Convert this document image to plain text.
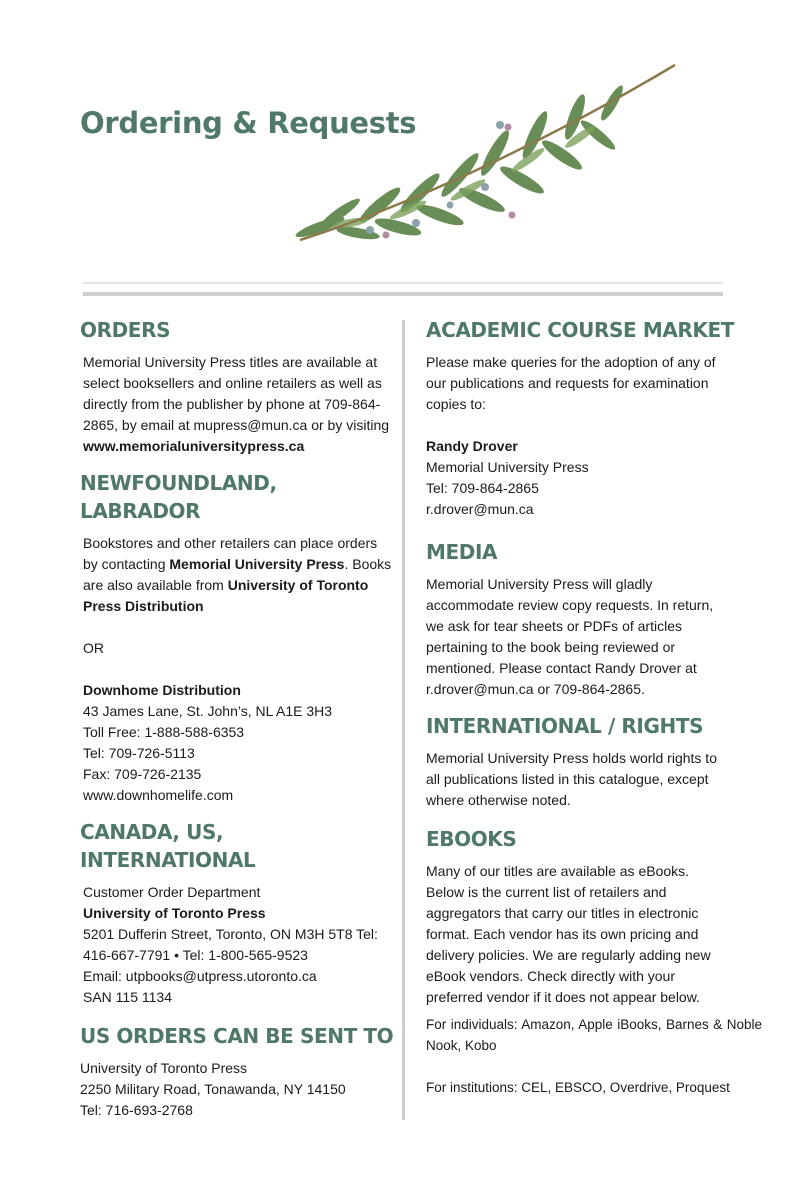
Ordering & Requests
ORDERS
Memorial University Press titles are available at select booksellers and online retailers as well as directly from the publisher by phone at 709-864-2865, by email at mupress@mun.ca or by visiting www.memorialuniversitypress.ca
NEWFOUNDLAND, LABRADOR
Bookstores and other retailers can place orders by contacting Memorial University Press. Books are also available from University of Toronto Press Distribution
OR
Downhome Distribution
43 James Lane, St. John’s, NL A1E 3H3
Toll Free: 1-888-588-6353
Tel: 709-726-5113
Fax: 709-726-2135
www.downhomelife.com
CANADA, US, INTERNATIONAL
Customer Order Department
University of Toronto Press
5201 Dufferin Street, Toronto, ON M3H 5T8 Tel: 416-667-7791 • Tel: 1-800-565-9523
Email: utpbooks@utpress.utoronto.ca
SAN 115 1134
US ORDERS CAN BE SENT TO
University of Toronto Press
2250 Military Road, Tonawanda, NY 14150
Tel: 716-693-2768
ACADEMIC COURSE MARKET
Please make queries for the adoption of any of our publications and requests for examination copies to:
Randy Drover
Memorial University Press
Tel: 709-864-2865
r.drover@mun.ca
MEDIA
Memorial University Press will gladly accommodate review copy requests. In return, we ask for tear sheets or PDFs of articles pertaining to the book being reviewed or mentioned. Please contact Randy Drover at r.drover@mun.ca or 709-864-2865.
INTERNATIONAL / RIGHTS
Memorial University Press holds world rights to all publications listed in this catalogue, except where otherwise noted.
EBOOKS
Many of our titles are available as eBooks. Below is the current list of retailers and aggregators that carry our titles in electronic format. Each vendor has its own pricing and delivery policies. We are regularly adding new eBook vendors. Check directly with your preferred vendor if it does not appear below.
For individuals: Amazon, Apple iBooks, Barnes & Noble Nook, Kobo
For institutions: CEL, EBSCO, Overdrive, Proquest
